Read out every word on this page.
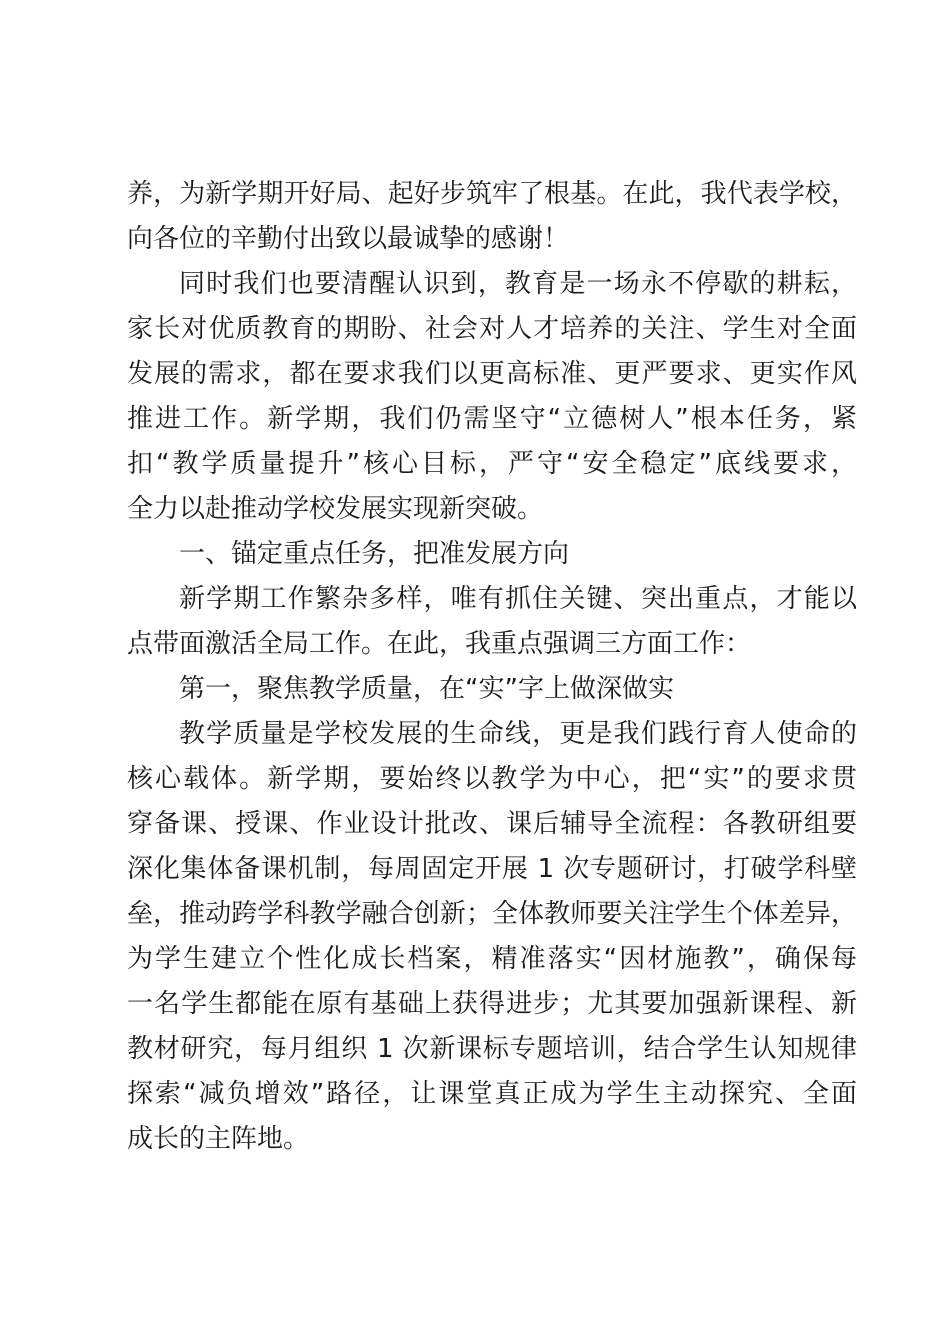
养，为新学期开好局、起好步筑牢了根基。在此，我代表学校，
向各位的辛勤付出致以最诚挚的感谢！
同时我们也要清醒认识到，教育是一场永不停歇的耕耘，
家长对优质教育的期盼、社会对人才培养的关注、学生对全面
发展的需求，都在要求我们以更高标准、更严要求、更实作风
推进工作。新学期，我们仍需坚守“立德树人”根本任务，紧
扣“教学质量提升”核心目标，严守“安全稳定”底线要求，
全力以赴推动学校发展实现新突破。
一、锚定重点任务，把准发展方向
新学期工作繁杂多样，唯有抓住关键、突出重点，才能以
点带面激活全局工作。在此，我重点强调三方面工作：
第一，聚焦教学质量，在“实”字上做深做实
教学质量是学校发展的生命线，更是我们践行育人使命的
核心载体。新学期，要始终以教学为中心，把“实”的要求贯
穿备课、授课、作业设计批改、课后辅导全流程：各教研组要
深化集体备课机制，每周固定开展 1 次专题研讨，打破学科壁
垒，推动跨学科教学融合创新；全体教师要关注学生个体差异，
为学生建立个性化成长档案，精准落实“因材施教”，确保每
一名学生都能在原有基础上获得进步；尤其要加强新课程、新
教材研究，每月组织 1 次新课标专题培训，结合学生认知规律
探索“减负增效”路径，让课堂真正成为学生主动探究、全面
成长的主阵地。
